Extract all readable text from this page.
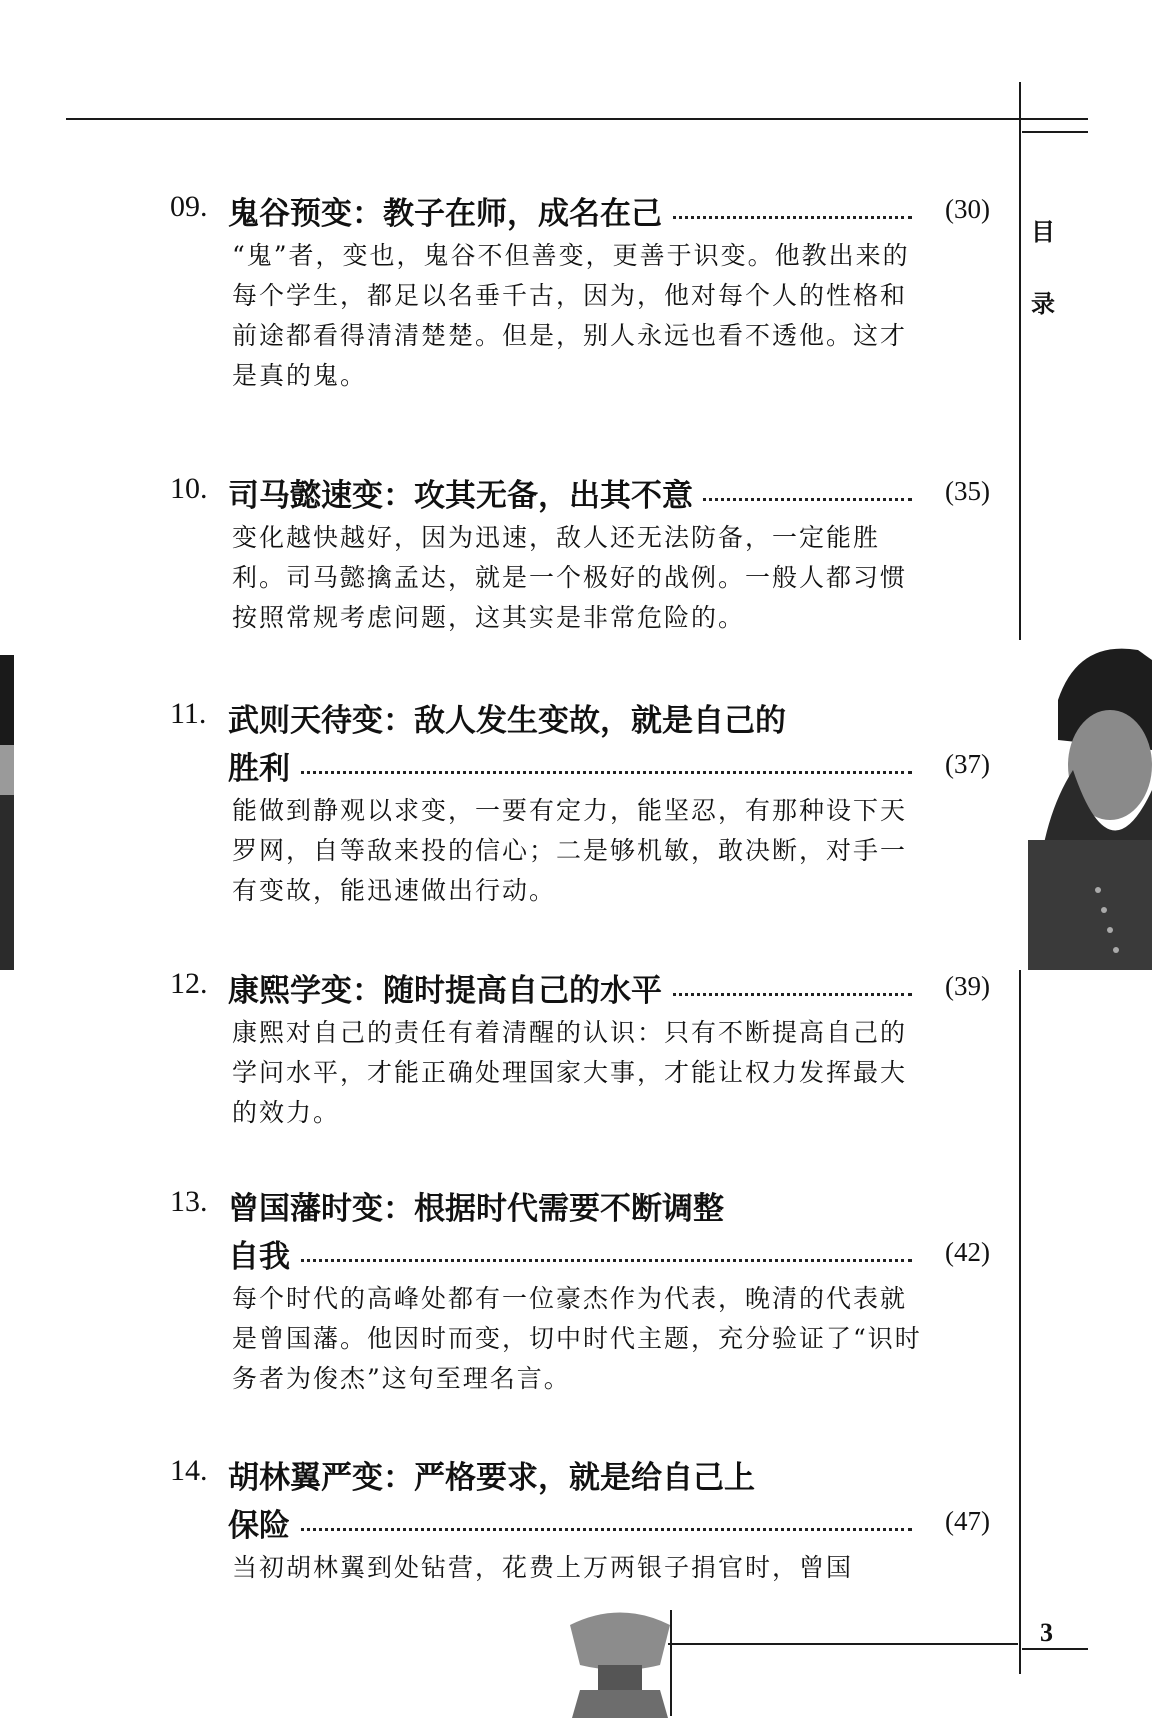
目录
3
09. 鬼谷预变：教子在师，成名在己	(30)

“鬼”者，变也，鬼谷不但善变，更善于识变。他教出来的每个学生，都足以名垂千古，因为，他对每个人的性格和前途都看得清清楚楚。但是，别人永远也看不透他。这才是真的鬼。

10. 司马懿速变：攻其无备，出其不意	(35)

变化越快越好，因为迅速，敌人还无法防备，一定能胜利。司马懿擒孟达，就是一个极好的战例。一般人都习惯按照常规考虑问题，这其实是非常危险的。

11. 武则天待变：敌人发生变故，就是自己的
胜利	(37)

能做到静观以求变，一要有定力，能坚忍，有那种设下天罗网，自等敌来投的信心；二是够机敏，敢决断，对手一有变故，能迅速做出行动。

12. 康熙学变：随时提高自己的水平	(39)

康熙对自己的责任有着清醒的认识：只有不断提高自己的学问水平，才能正确处理国家大事，才能让权力发挥最大的效力。

13. 曾国藩时变：根据时代需要不断调整
自我	(42)

每个时代的高峰处都有一位豪杰作为代表，晚清的代表就是曾国藩。他因时而变，切中时代主题，充分验证了“识时务者为俊杰”这句至理名言。

14. 胡林翼严变：严格要求，就是给自己上
保险	(47)

当初胡林翼到处钻营，花费上万两银子捐官时，曾国
